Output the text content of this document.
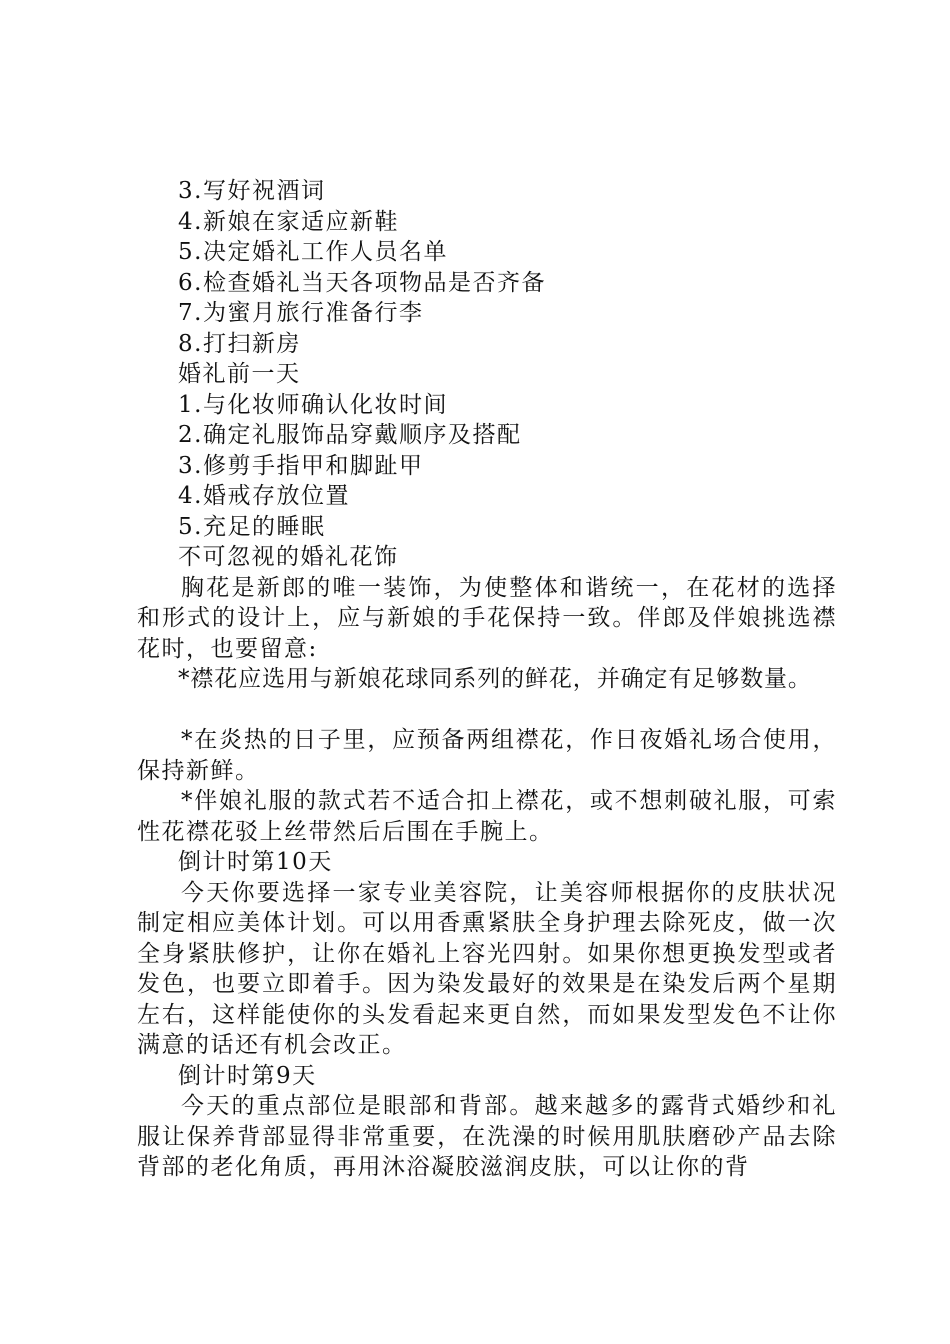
3.写好祝酒词
4.新娘在家适应新鞋
5.决定婚礼工作人员名单
6.检查婚礼当天各项物品是否齐备
7.为蜜月旅行准备行李
8.打扫新房
婚礼前一天
1.与化妆师确认化妆时间
2.确定礼服饰品穿戴顺序及搭配
3.修剪手指甲和脚趾甲
4.婚戒存放位置
5.充足的睡眠
不可忽视的婚礼花饰
胸花是新郎的唯一装饰，为使整体和谐统一，在花材的选择和形式的设计上，应与新娘的手花保持一致。伴郎及伴娘挑选襟花时，也要留意:
*襟花应选用与新娘花球同系列的鲜花，并确定有足够数量。
*在炎热的日子里，应预备两组襟花，作日夜婚礼场合使用，保持新鲜。
*伴娘礼服的款式若不适合扣上襟花，或不想刺破礼服，可索性花襟花驳上丝带然后后围在手腕上。
倒计时第10天
今天你要选择一家专业美容院，让美容师根据你的皮肤状况制定相应美体计划。可以用香熏紧肤全身护理去除死皮，做一次全身紧肤修护，让你在婚礼上容光四射。如果你想更换发型或者发色，也要立即着手。因为染发最好的效果是在染发后两个星期左右，这样能使你的头发看起来更自然，而如果发型发色不让你满意的话还有机会改正。
倒计时第9天
今天的重点部位是眼部和背部。越来越多的露背式婚纱和礼服让保养背部显得非常重要，在洗澡的时候用肌肤磨砂产品去除背部的老化角质，再用沐浴凝胶滋润皮肤，可以让你的背
